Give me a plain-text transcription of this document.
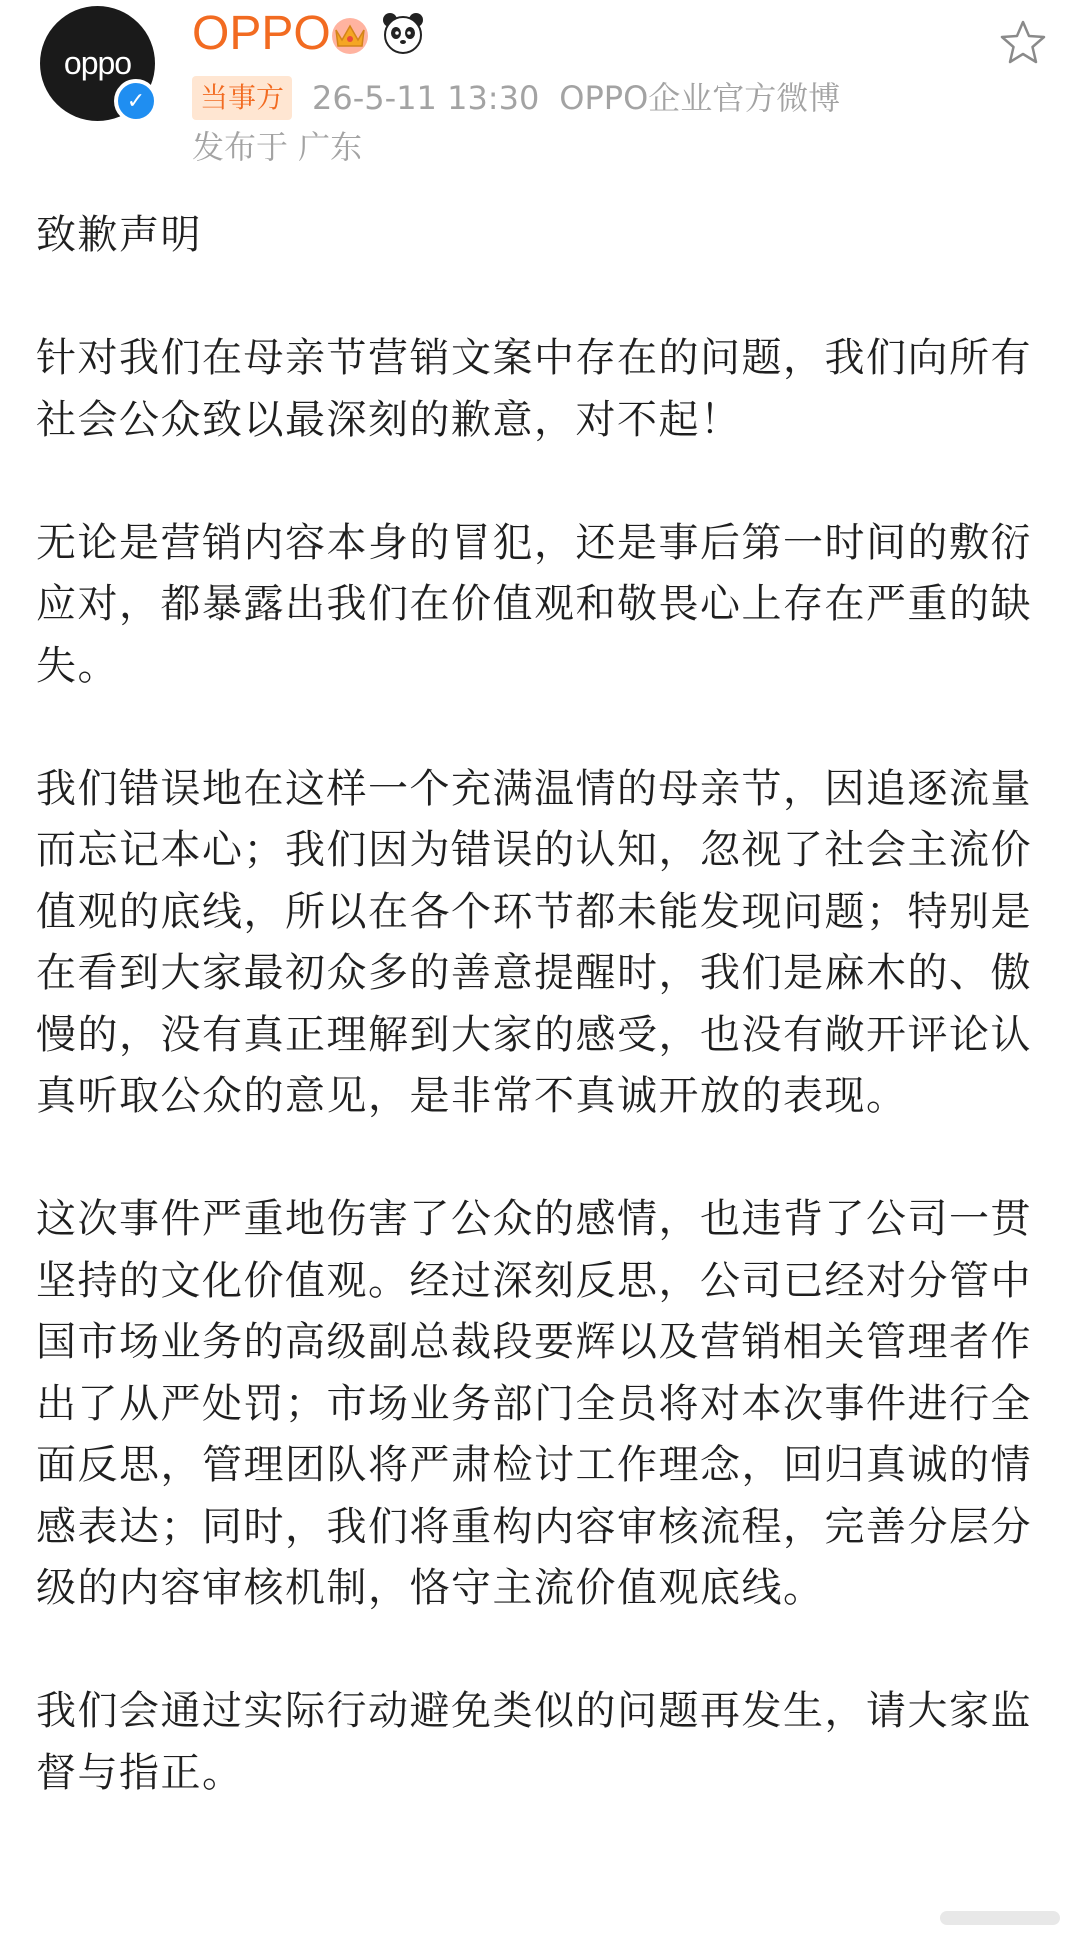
oppo
✓
OPPO
当事方 26-5-11 13:30 OPPO企业官方微博
发布于 广东

致歉声明

针对我们在母亲节营销文案中存在的问题，我们向所有社会公众致以最深刻的歉意，对不起！

无论是营销内容本身的冒犯，还是事后第一时间的敷衍应对，都暴露出我们在价值观和敬畏心上存在严重的缺失。

我们错误地在这样一个充满温情的母亲节，因追逐流量而忘记本心；我们因为错误的认知，忽视了社会主流价值观的底线，所以在各个环节都未能发现问题；特别是在看到大家最初众多的善意提醒时，我们是麻木的、傲慢的，没有真正理解到大家的感受，也没有敞开评论认真听取公众的意见，是非常不真诚开放的表现。

这次事件严重地伤害了公众的感情，也违背了公司一贯坚持的文化价值观。经过深刻反思，公司已经对分管中国市场业务的高级副总裁段要辉以及营销相关管理者作出了从严处罚；市场业务部门全员将对本次事件进行全面反思，管理团队将严肃检讨工作理念，回归真诚的情感表达；同时，我们将重构内容审核流程，完善分层分级的内容审核机制，恪守主流价值观底线。

我们会通过实际行动避免类似的问题再发生，请大家监督与指正。
